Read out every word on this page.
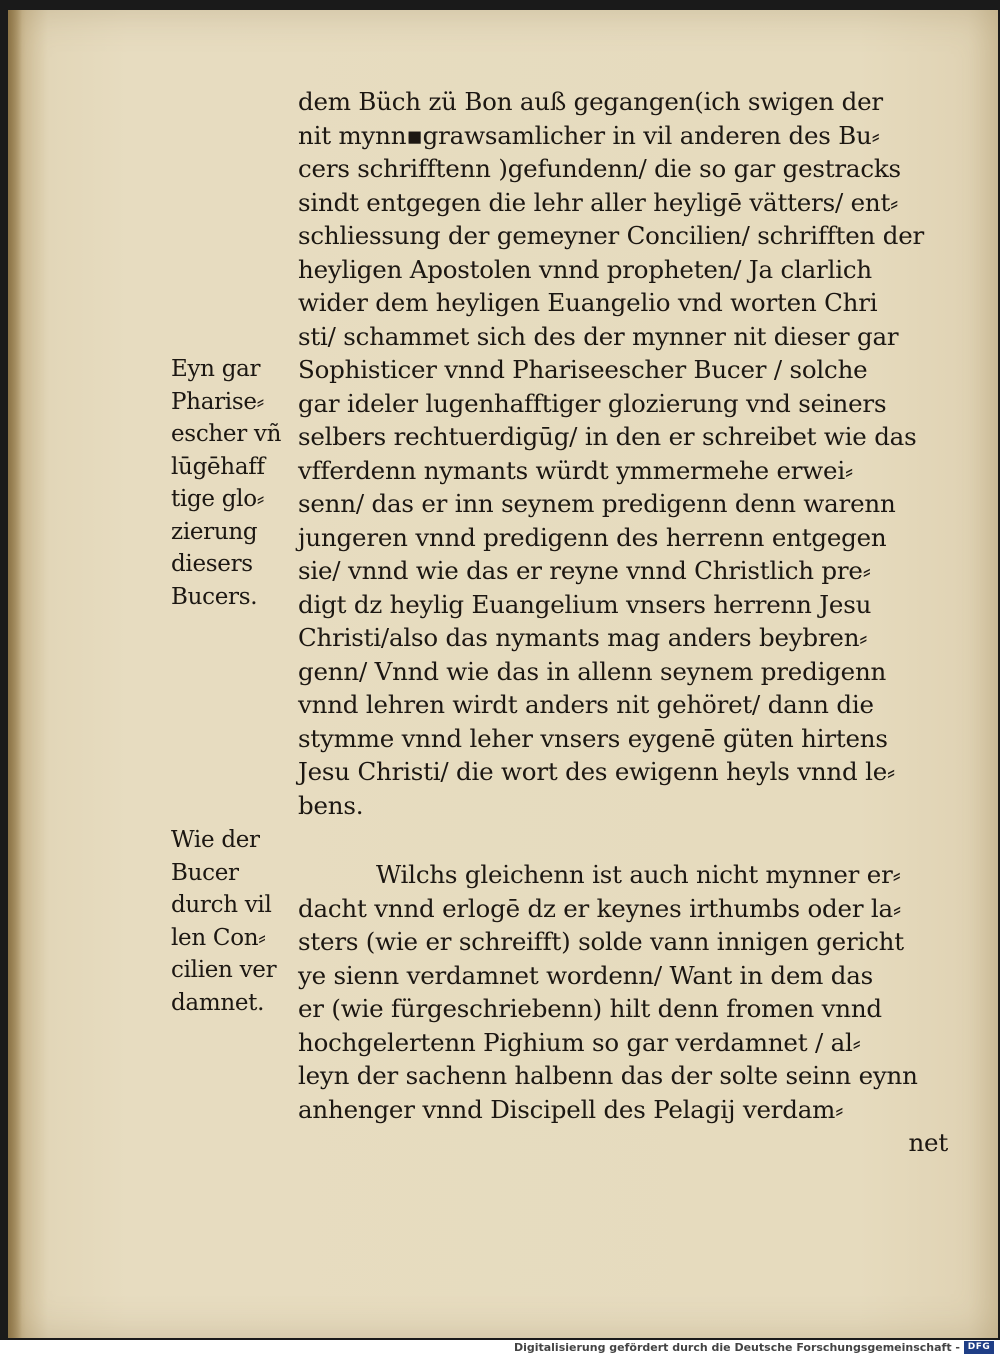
dem Büch zü Bon auß gegangen(ich swigen der
nit mynn▪grawsamlicher in vil anderen des Bu⸗
cers schrifftenn )gefundenn/ die so gar gestracks
sindt entgegen die lehr aller heyligē vätters/ ent⸗
schliessung der gemeyner Concilien/ schrifften der
heyligen Apostolen vnnd propheten/ Ja clarlich
wider dem heyligen Euangelio vnd worten Chri
sti/ schammet sich des der mynner nit dieser gar
Sophisticer vnnd Phariseescher Bucer / solche
gar ideler lugenhafftiger glozierung vnd seiners
selbers rechtuerdigūg/ in den er schreibet wie das
vfferdenn nymants würdt ymmermehe erwei⸗
senn/ das er inn seynem predigenn denn warenn
jungeren vnnd predigenn des herrenn entgegen
sie/ vnnd wie das er reyne vnnd Christlich pre⸗
digt dz heylig Euangelium vnsers herrenn Jesu
Christi/also das nymants mag anders beybren⸗
genn/ Vnnd wie das in allenn seynem predigenn
vnnd lehren wirdt anders nit gehöret/ dann die
stymme vnnd leher vnsers eygenē güten hirtens
Jesu Christi/ die wort des ewigenn heyls vnnd le⸗
bens.
Wilchs gleichenn ist auch nicht mynner er⸗
dacht vnnd erlogē dz er keynes irthumbs oder la⸗
sters (wie er schreifft) solde vann innigen gericht
ye sienn verdamnet wordenn/ Want in dem das
er (wie fürgeschriebenn) hilt denn fromen vnnd
hochgelertenn Pighium so gar verdamnet / al⸗
leyn der sachenn halbenn das der solte seinn eynn
anhenger vnnd Discipell des Pelagij verdam⸗
net
Eyn gar
Pharise⸗
escher vñ
lūgēhaff
tige glo⸗
zierung
diesers
Bucers.
Wie der
Bucer
durch vil
len Con⸗
cilien ver
damnet.
Digitalisierung gefördert durch die Deutsche Forschungsgemeinschaft - DFG
